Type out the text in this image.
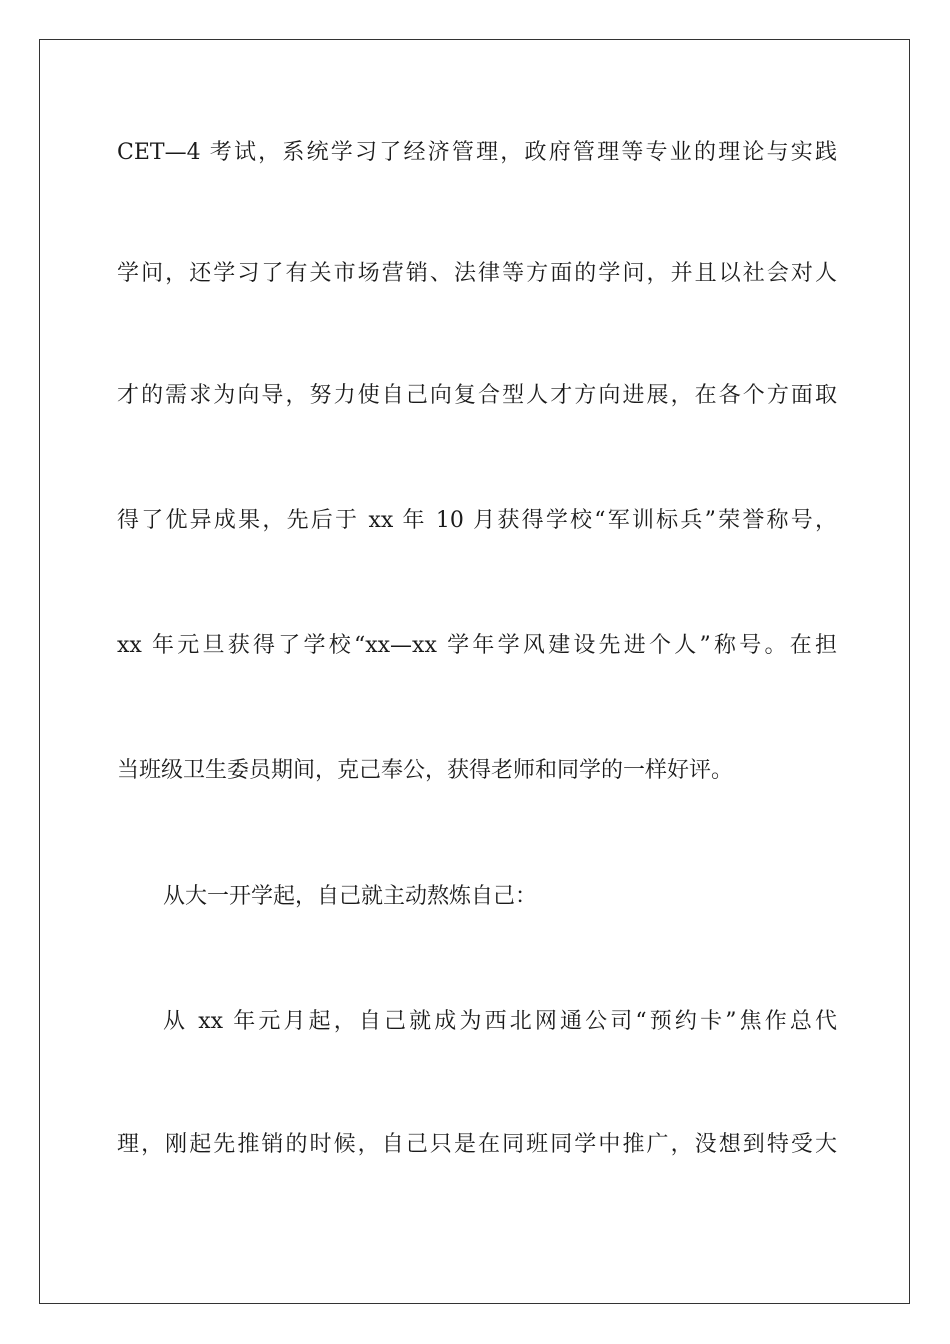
CET—4 考试，系统学习了经济管理，政府管理等专业的理论与实践
学问，还学习了有关市场营销、法律等方面的学问，并且以社会对人
才的需求为向导，努力使自己向复合型人才方向进展，在各个方面取
得了优异成果，先后于 xx 年 10 月获得学校“军训标兵”荣誉称号，
xx 年元旦获得了学校“xx—xx 学年学风建设先进个人”称号。在担
当班级卫生委员期间，克己奉公，获得老师和同学的一样好评。
从大一开学起，自己就主动熬炼自己：
从 xx 年元月起，自己就成为西北网通公司“预约卡”焦作总代
理，刚起先推销的时候，自己只是在同班同学中推广，没想到特受大
